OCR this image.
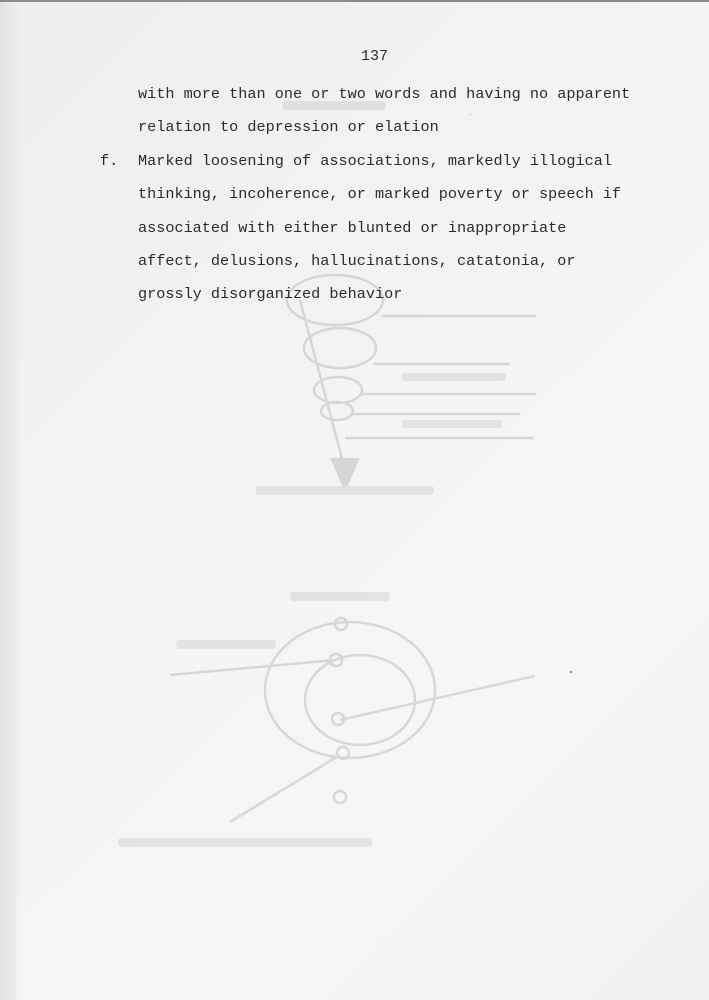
137
with more than one or two words and having no apparent
relation to depression or elation
f.	Marked loosening of associations, markedly illogical
thinking, incoherence, or marked poverty or speech if
associated with either blunted or inappropriate
affect, delusions, hallucinations, catatonia, or
grossly disorganized behavior
